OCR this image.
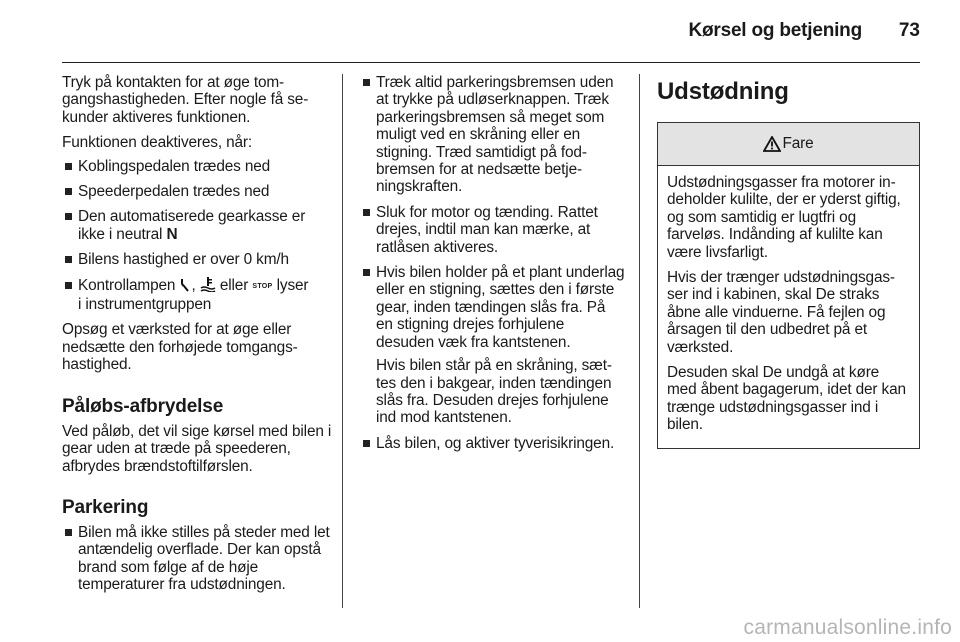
Kørsel og betjening 73

Tryk på kontakten for at øge tomgangshastigheden. Efter nogle få sekunder aktiveres funktionen.

Funktionen deaktiveres, når:

Koblingspedalen trædes ned
Speederpedalen trædes ned
Den automatiserede gearkasse er ikke i neutral N
Bilens hastighed er over 0 km/h
Kontrollampen , eller STOP lyser
i instrumentgruppen

Opsøg et værksted for at øge eller nedsætte den forhøjede tomgangshastighed.

Påløbs-afbrydelse

Ved påløb, det vil sige kørsel med bilen i gear uden at træde på speederen, afbrydes brændstoftilførslen.

Parkering
Bilen må ikke stilles på steder med let antændelig overflade. Der kan opstå brand som følge af de høje temperaturer fra udstødningen.
Træk altid parkeringsbremsen uden at trykke på udløserknappen. Træk parkeringsbremsen så meget som muligt ved en skråning eller en stigning. Træd samtidigt på fodbremsen for at nedsætte betjeningskraften.
Sluk for motor og tænding. Rattet drejes, indtil man kan mærke, at ratlåsen aktiveres.
Hvis bilen holder på et plant underlag eller en stigning, sættes den i første gear, inden tændingen slås fra. På en stigning drejes forhjulene desuden væk fra kantstenen.
Hvis bilen står på en skråning, sættes den i bakgear, inden tændingen slås fra. Desuden drejes forhjulene ind mod kantstenen.
Lås bilen, og aktiver tyverisikringen.
Udstødning
Fare

Udstødningsgasser fra motorer indeholder kulilte, der er yderst giftig, og som samtidig er lugtfri og farveløs. Indånding af kulilte kan være livsfarligt.

Hvis der trænger udstødningsgasser ind i kabinen, skal De straks åbne alle vinduerne. Få fejlen og årsagen til den udbedret på et værksted.

Desuden skal De undgå at køre med åbent bagagerum, idet der kan trænge udstødningsgasser ind i bilen.

carmanualsonline.info
